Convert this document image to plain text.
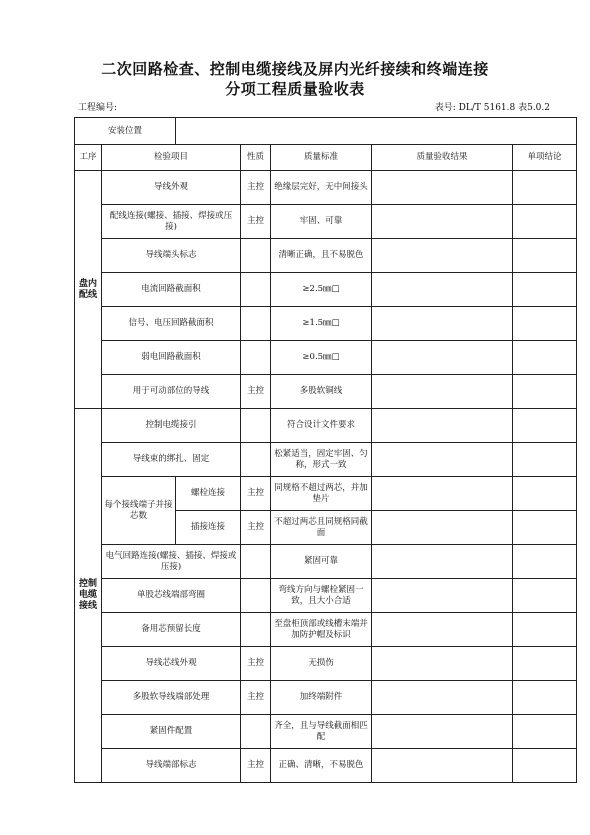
二次回路检查、控制电缆接线及屏内光纤接续和终端连接
分项工程质量验收表
工程编号:	表号: DL/T 5161.8 表5.0.2
安装位置						
工序	检验项目		性质	质量标准	质量验收结果	单项结论
盘内配线	导线外观		主控	绝缘层完好，无中间接头		
	配线连接(螺接、插接、焊接或压接)		主控	牢固、可靠		
	导线端头标志			清晰正确，且不易脱色		
	电流回路截面积			≥2.5㎜□		
	信号、电压回路截面积			≥1.5㎜□		
	弱电回路截面积			≥0.5㎜□		
	用于可动部位的导线		主控	多股软铜线		
控制电缆接线	控制电缆接引			符合设计文件要求		
	导线束的绑扎、固定			松紧适当，固定牢固、匀称，形式一致		
	每个接线端子并接芯数	螺栓连接	主控	同规格不超过两芯，并加垫片		
		插接连接	主控	不超过两芯且同规格同截面		
	电气回路连接(螺接、插接、焊接或压接)			紧固可靠		
	单股芯线端部弯圈			弯线方向与螺栓紧固一致，且大小合适		
	备用芯预留长度			至盘柜顶部或线槽末端并加防护帽及标识		
	导线芯线外观		主控	无损伤		
	多股软导线端部处理		主控	加终端附件		
	紧固件配置			齐全，且与导线截面相匹配		
	导线端部标志		主控	正确、清晰，不易脱色		
